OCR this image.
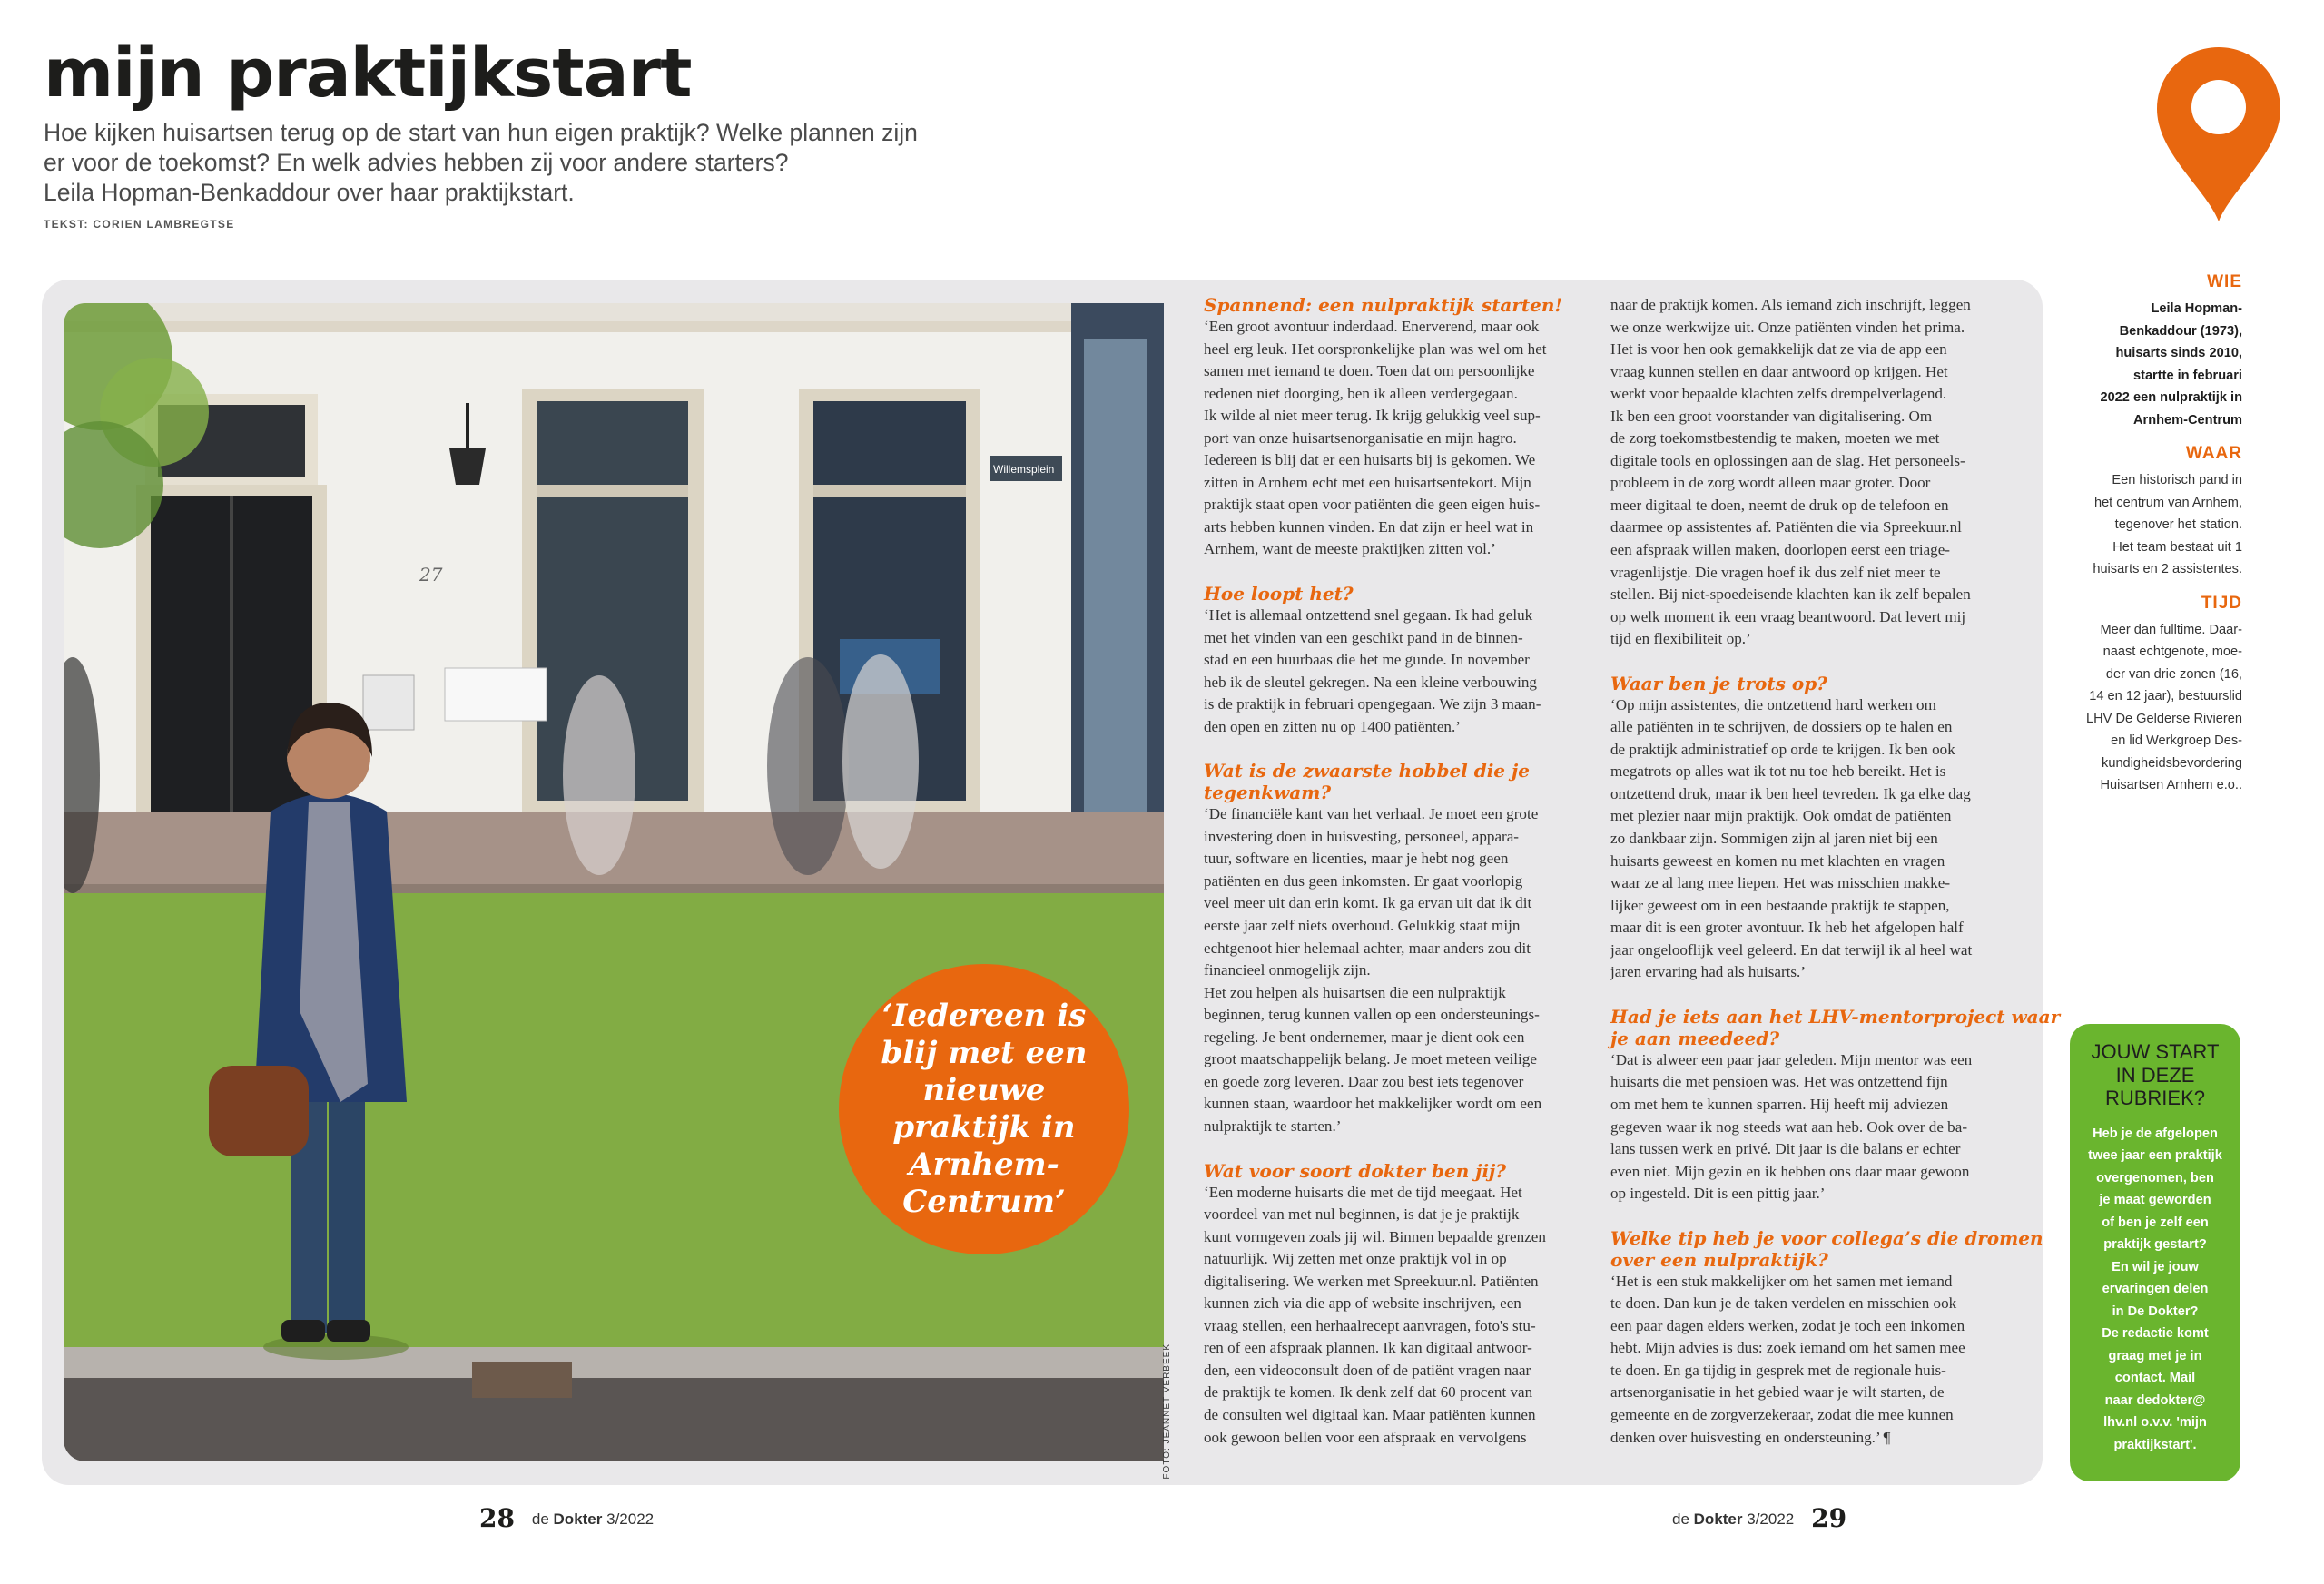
mijn praktijkstart
Hoe kijken huisartsen terug op de start van hun eigen praktijk? Welke plannen zijn
er voor de toekomst? En welk advies hebben zij voor andere starters?
Leila Hopman-Benkaddour over haar praktijkstart.
TEKST: CORIEN LAMBREGTSE
27
Willemsplein
FOTO: JEANNET VERBEEK
‘Iedereen is blij met een nieuwe praktijk in Arnhem-Centrum’
Spannend: een nulpraktijk starten!
‘Een groot avontuur inderdaad. Enerverend, maar ook
heel erg leuk. Het oorspronkelijke plan was wel om het
samen met iemand te doen. Toen dat om persoonlijke
redenen niet doorging, ben ik alleen verdergegaan.
Ik wilde al niet meer terug. Ik krijg gelukkig veel sup-
port van onze huisartsenorganisatie en mijn hagro.
Iedereen is blij dat er een huisarts bij is gekomen. We
zitten in Arnhem echt met een huisartsentekort. Mijn
praktijk staat open voor patiënten die geen eigen huis-
arts hebben kunnen vinden. En dat zijn er heel wat in
Arnhem, want de meeste praktijken zitten vol.’
Hoe loopt het?
‘Het is allemaal ontzettend snel gegaan. Ik had geluk
met het vinden van een geschikt pand in de binnen-
stad en een huurbaas die het me gunde. In november
heb ik de sleutel gekregen. Na een kleine verbouwing
is de praktijk in februari opengegaan. We zijn 3 maan-
den open en zitten nu op 1400 patiënten.’
Wat is de zwaarste hobbel die je
tegenkwam?
‘De financiële kant van het verhaal. Je moet een grote
investering doen in huisvesting, personeel, appara-
tuur, software en licenties, maar je hebt nog geen
patiënten en dus geen inkomsten. Er gaat voorlopig
veel meer uit dan erin komt. Ik ga ervan uit dat ik dit
eerste jaar zelf niets overhoud. Gelukkig staat mijn
echtgenoot hier helemaal achter, maar anders zou dit
financieel onmogelijk zijn.
Het zou helpen als huisartsen die een nulpraktijk
beginnen, terug kunnen vallen op een ondersteunings-
regeling. Je bent ondernemer, maar je dient ook een
groot maatschappelijk belang. Je moet meteen veilige
en goede zorg leveren. Daar zou best iets tegenover
kunnen staan, waardoor het makkelijker wordt om een
nulpraktijk te starten.’
Wat voor soort dokter ben jij?
‘Een moderne huisarts die met de tijd meegaat. Het
voordeel van met nul beginnen, is dat je je praktijk
kunt vormgeven zoals jij wil. Binnen bepaalde grenzen
natuurlijk. Wij zetten met onze praktijk vol in op
digitalisering. We werken met Spreekuur.nl. Patiënten
kunnen zich via die app of website inschrijven, een
vraag stellen, een herhaalrecept aanvragen, foto's stu-
ren of een afspraak plannen. Ik kan digitaal antwoor-
den, een videoconsult doen of de patiënt vragen naar
de praktijk te komen. Ik denk zelf dat 60 procent van
de consulten wel digitaal kan. Maar patiënten kunnen
ook gewoon bellen voor een afspraak en vervolgens
naar de praktijk komen. Als iemand zich inschrijft, leggen
we onze werkwijze uit. Onze patiënten vinden het prima.
Het is voor hen ook gemakkelijk dat ze via de app een
vraag kunnen stellen en daar antwoord op krijgen. Het
werkt voor bepaalde klachten zelfs drempelverlagend.
Ik ben een groot voorstander van digitalisering. Om
de zorg toekomstbestendig te maken, moeten we met
digitale tools en oplossingen aan de slag. Het personeels-
probleem in de zorg wordt alleen maar groter. Door
meer digitaal te doen, neemt de druk op de telefoon en
daarmee op assistentes af. Patiënten die via Spreekuur.nl
een afspraak willen maken, doorlopen eerst een triage-
vragenlijstje. Die vragen hoef ik dus zelf niet meer te
stellen. Bij niet-spoedeisende klachten kan ik zelf bepalen
op welk moment ik een vraag beantwoord. Dat levert mij
tijd en flexibiliteit op.’
Waar ben je trots op?
‘Op mijn assistentes, die ontzettend hard werken om
alle patiënten in te schrijven, de dossiers op te halen en
de praktijk administratief op orde te krijgen. Ik ben ook
megatrots op alles wat ik tot nu toe heb bereikt. Het is
ontzettend druk, maar ik ben heel tevreden. Ik ga elke dag
met plezier naar mijn praktijk. Ook omdat de patiënten
zo dankbaar zijn. Sommigen zijn al jaren niet bij een
huisarts geweest en komen nu met klachten en vragen
waar ze al lang mee liepen. Het was misschien makke-
lijker geweest om in een bestaande praktijk te stappen,
maar dit is een groter avontuur. Ik heb het afgelopen half
jaar ongelooflijk veel geleerd. En dat terwijl ik al heel wat
jaren ervaring had als huisarts.’
Had je iets aan het LHV-mentorproject waar
je aan meedeed?
‘Dat is alweer een paar jaar geleden. Mijn mentor was een
huisarts die met pensioen was. Het was ontzettend fijn
om met hem te kunnen sparren. Hij heeft mij adviezen
gegeven waar ik nog steeds wat aan heb. Ook over de ba-
lans tussen werk en privé. Dit jaar is die balans er echter
even niet. Mijn gezin en ik hebben ons daar maar gewoon
op ingesteld. Dit is een pittig jaar.’
Welke tip heb je voor collega’s die dromen
over een nulpraktijk?
‘Het is een stuk makkelijker om het samen met iemand
te doen. Dan kun je de taken verdelen en misschien ook
een paar dagen elders werken, zodat je toch een inkomen
hebt. Mijn advies is dus: zoek iemand om het samen mee
te doen. En ga tijdig in gesprek met de regionale huis-
artsenorganisatie in het gebied waar je wilt starten, de
gemeente en de zorgverzekeraar, zodat die mee kunnen
denken over huisvesting en ondersteuning.’ ¶
WIE
Leila Hopman-
Benkaddour (1973),
huisarts sinds 2010,
startte in februari
2022 een nulpraktijk in
Arnhem-Centrum
WAAR
Een historisch pand in
het centrum van Arnhem,
tegenover het station.
Het team bestaat uit 1
huisarts en 2 assistentes.
TIJD
Meer dan fulltime. Daar-
naast echtgenote, moe-
der van drie zonen (16,
14 en 12 jaar), bestuurslid
LHV De Gelderse Rivieren
en lid Werkgroep Des-
kundigheidsbevordering
Huisartsen Arnhem e.o..
JOUW START
IN DEZE
RUBRIEK?
Heb je de afgelopen
twee jaar een praktijk
overgenomen, ben
je maat geworden
of ben je zelf een
praktijk gestart?
En wil je jouw
ervaringen delen
in De Dokter?
De redactie komt
graag met je in
contact. Mail
naar dedokter@
lhv.nl o.v.v. 'mijn
praktijkstart'.
28 de Dokter 3/2022	de Dokter 3/2022 29
